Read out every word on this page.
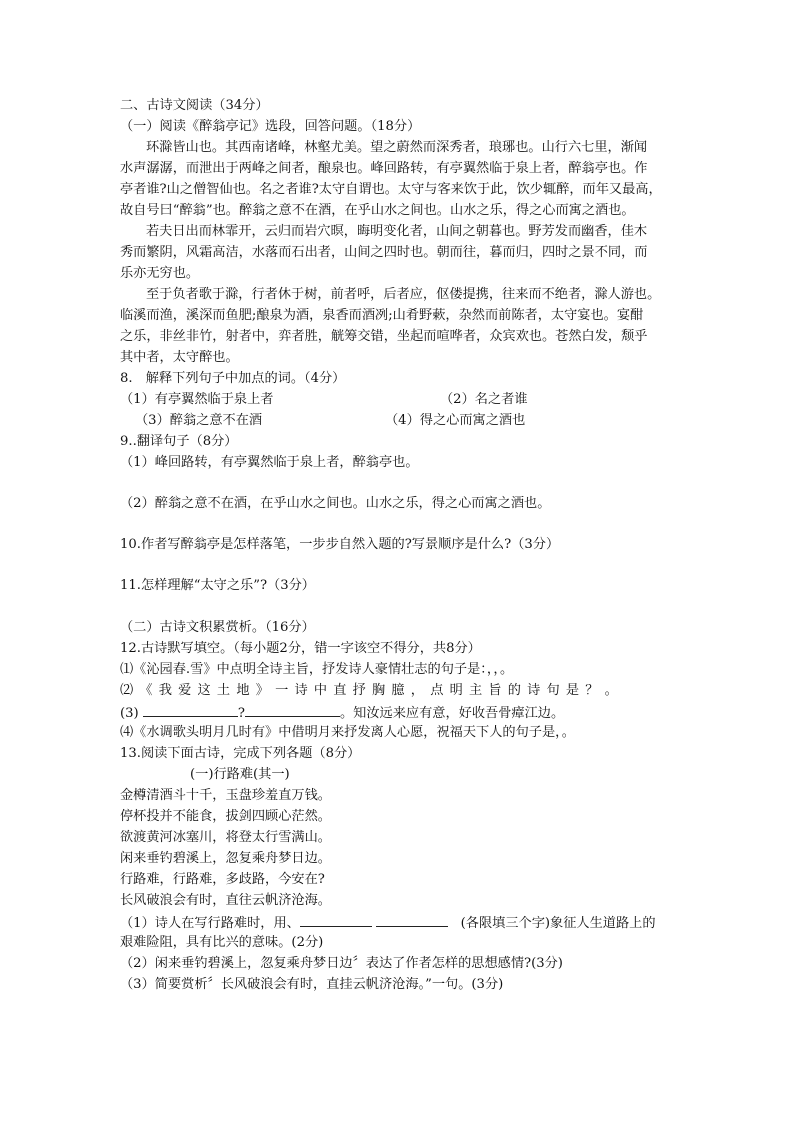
二、古诗文阅读（34分）
（一）阅读《醉翁亭记》选段，回答问题。（18分）
环滁皆山也。其西南诸峰，林壑尤美。望之蔚然而深秀者，琅琊也。山行六七里，渐闻
水声潺潺，而泄出于两峰之间者，酿泉也。峰回路转，有亭翼然临于泉上者，醉翁亭也。作
亭者谁?山之僧智仙也。名之者谁?太守自谓也。太守与客来饮于此，饮少辄醉，而年又最高，
故自号曰“醉翁”也。醉翁之意不在酒，在乎山水之间也。山水之乐，得之心而寓之酒也。
若夫日出而林霏开，云归而岩穴暝，晦明变化者，山间之朝暮也。野芳发而幽香，佳木
秀而繁阴，风霜高洁，水落而石出者，山间之四时也。朝而往，暮而归，四时之景不同，而
乐亦无穷也。
至于负者歌于滁，行者休于树，前者呼，后者应，伛偻提携，往来而不绝者，滁人游也。
临溪而渔，溪深而鱼肥;酿泉为酒，泉香而酒冽;山肴野蔌，杂然而前陈者，太守宴也。宴酣
之乐，非丝非竹，射者中，弈者胜，觥筹交错，坐起而喧哗者，众宾欢也。苍然白发，颓乎
其中者，太守醉也。
8.　解释下列句子中加点的词。（4分）
（1）有亭翼然临于泉上者	（2）名之者谁
（3）醉翁之意不在酒	（4）得之心而寓之酒也
9..翻译句子（8分）
（1）峰回路转，有亭翼然临于泉上者，醉翁亭也。
（2）醉翁之意不在酒，在乎山水之间也。山水之乐，得之心而寓之酒也。
10.作者写醉翁亭是怎样落笔，一步步自然入题的?写景顺序是什么?（3分）
11.怎样理解“太守之乐”?（3分）
（二）古诗文积累赏析。（16分）
12.古诗默写填空。（每小题2分，错一字该空不得分，共8分）
⑴《沁园春.雪》中点明全诗主旨，抒发诗人豪情壮志的句子是：，，。
⑵《我爱这土地》一诗中直抒胸臆，点明主旨的诗句是？。
(3)	?	。知汝远来应有意，好收吾骨瘴江边。
⑷《水调歌头明月几时有》中借明月来抒发离人心愿，祝福天下人的句子是，。
13.阅读下面古诗，完成下列各题（8分）
(一)行路难(其一)
金樽清酒斗十千，玉盘珍羞直万钱。
停杯投并不能食，拔剑四顾心茫然。
欲渡黄河冰塞川，将登太行雪满山。
闲来垂钓碧溪上，忽复乘舟梦日边。
行路难，行路难，多歧路，今安在?
长风破浪会有时，直往云帆济沧海。
（1）诗人在写行路难时，用、	(各限填三个字)象征人生道路上的
艰难险阻，具有比兴的意味。(2分)
（2）闲来垂钓碧溪上，忽复乘舟梦日边〞表达了作者怎样的思想感情?(3分)
（3）简要赏析〞长风破浪会有时，直挂云帆济沧海。”一句。(3分)
